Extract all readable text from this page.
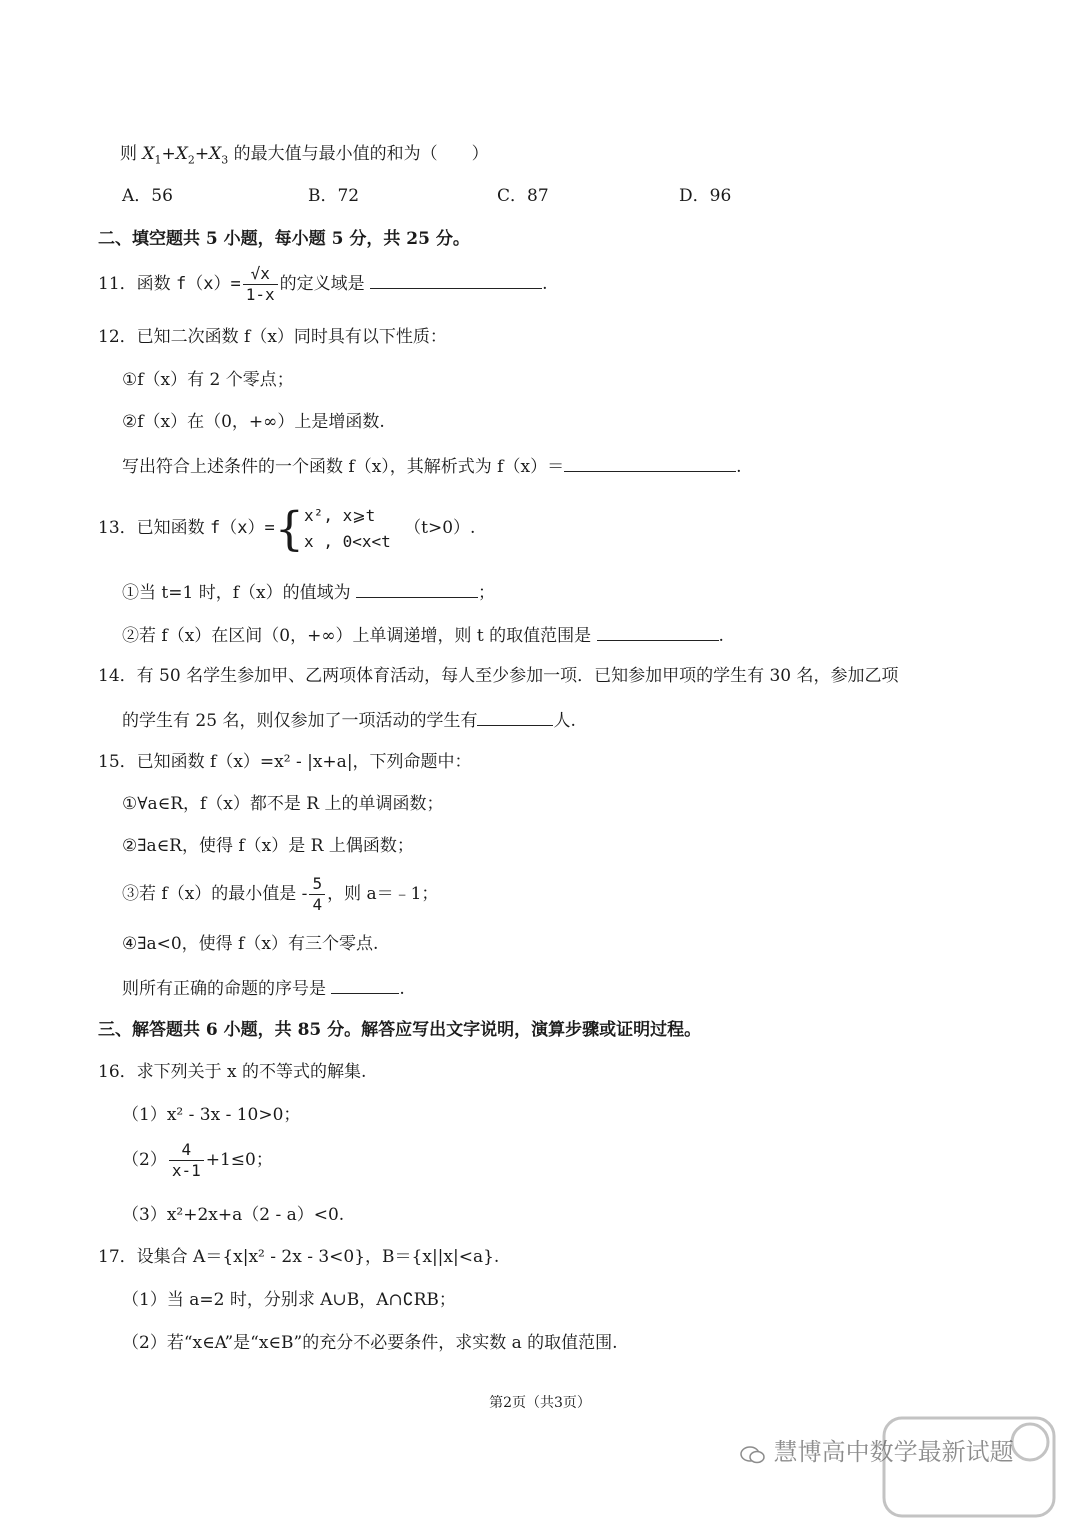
则 $X_1+X_2+X_3$ 的最大值与最小值的和为（　　）
A．56	B．72	C．87	D．96
二、填空题共 5 小题，每小题 5 分，共 25 分。
11．函数 $f(x)= \frac{√x}{1-x}$ 的定义域是	.
12．已知二次函数 f（x）同时具有以下性质：
①f（x）有 2 个零点；
②f（x）在（0，+∞）上是增函数.
写出符合上述条件的一个函数 f（x），其解析式为 f（x）＝	.
13．已知函数 f（x）={ x², x⩾t
x , 0<x<t
（t>0）.
①当 t=1 时，f（x）的值域为	；
②若 f（x）在区间（0，+∞）上单调递增，则 t 的取值范围是	.
14．有 50 名学生参加甲、乙两项体育活动，每人至少参加一项．已知参加甲项的学生有 30 名，参加乙项
的学生有 25 名，则仅参加了一项活动的学生有	人.
15．已知函数 f（x）=x² - |x+a|，下列命题中：
①∀a∈R，f（x）都不是 R 上的单调函数；
②∃a∈R，使得 f（x）是 R 上偶函数；
③若 f（x）的最小值是 - $\frac{5}{4}$ ，则 a＝﹣1；
④∃a<0，使得 f（x）有三个零点.
则所有正确的命题的序号是	.
三、解答题共 6 小题，共 85 分。解答应写出文字说明，演算步骤或证明过程。
16．求下列关于 x 的不等式的解集.
（1）x² - 3x - 10>0；
$(2) \frac{4}{x-1} +1\le 0$；
（3）x²+2x+a（2 - a）<0.
17．设集合 A＝{x|x² - 2x - 3<0}，B＝{x||x|<a}.
（1）当 a=2 时，分别求 A∪B，A∩∁RB；
（2）若“x∈A”是“x∈B”的充分不必要条件，求实数 a 的取值范围.
第2页（共3页）
慧博高中数学最新试题
